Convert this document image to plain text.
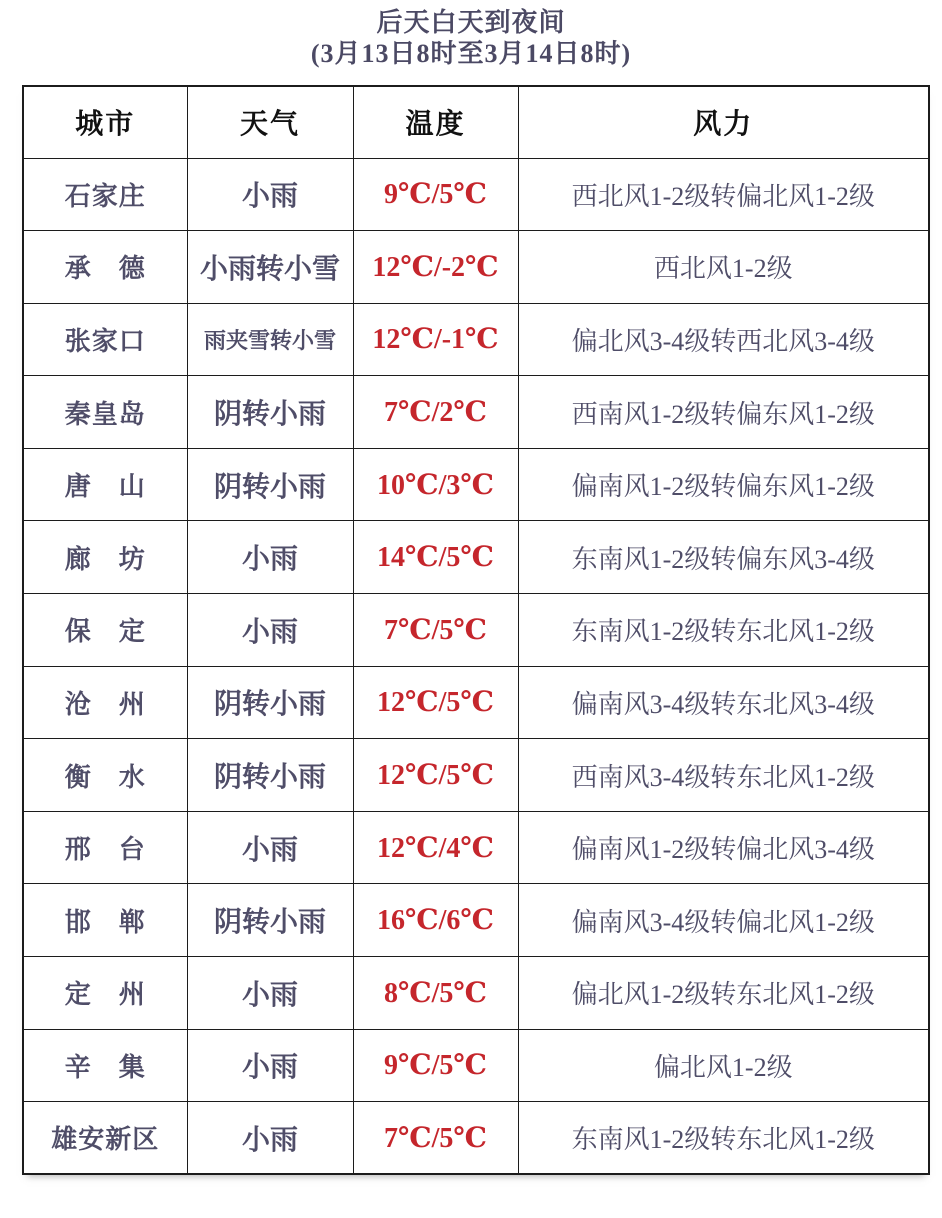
后天白天到夜间
(3月13日8时至3月14日8时)
城市	天气	温度	风力
石家庄	小雨	9℃/5℃	西北风1-2级转偏北风1-2级
承　德	小雨转小雪	12℃/-2℃	西北风1-2级
张家口	雨夹雪转小雪	12℃/-1℃	偏北风3-4级转西北风3-4级
秦皇岛	阴转小雨	7℃/2℃	西南风1-2级转偏东风1-2级
唐　山	阴转小雨	10℃/3℃	偏南风1-2级转偏东风1-2级
廊　坊	小雨	14℃/5℃	东南风1-2级转偏东风3-4级
保　定	小雨	7℃/5℃	东南风1-2级转东北风1-2级
沧　州	阴转小雨	12℃/5℃	偏南风3-4级转东北风3-4级
衡　水	阴转小雨	12℃/5℃	西南风3-4级转东北风1-2级
邢　台	小雨	12℃/4℃	偏南风1-2级转偏北风3-4级
邯　郸	阴转小雨	16℃/6℃	偏南风3-4级转偏北风1-2级
定　州	小雨	8℃/5℃	偏北风1-2级转东北风1-2级
辛　集	小雨	9℃/5℃	偏北风1-2级
雄安新区	小雨	7℃/5℃	东南风1-2级转东北风1-2级
